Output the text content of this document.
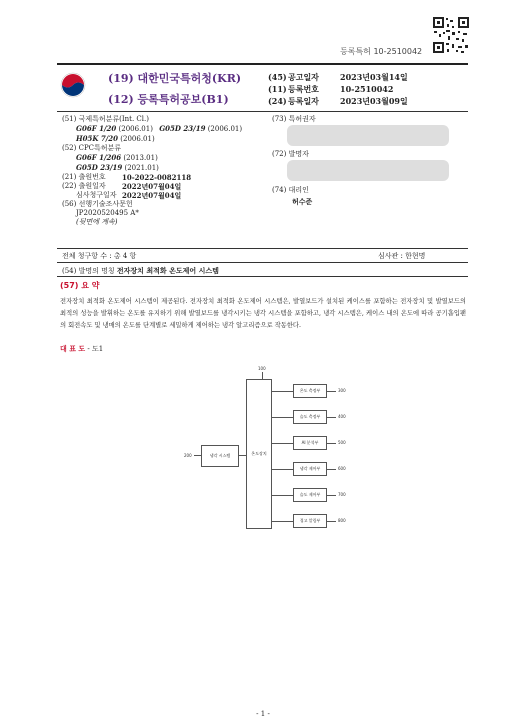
등록특허 10-2510042
(19) 대한민국특허청(KR)
(12) 등록특허공보(B1)
(45) 공고일자	2023년03월14일
(11) 등록번호	10-2510042
(24) 등록일자	2023년03월09일
(51) 국제특허분류(Int. Cl.)
G06F 1/20 (2006.01) G05D 23/19 (2006.01)
H05K 7/20 (2006.01)
(52) CPC특허분류
G06F 1/206 (2013.01)
G05D 23/19 (2021.01)
(21) 출원번호	10-2022-0082118
(22) 출원일자	2022년07월04일
심사청구일자 2022년07월04일
(56) 선행기술조사문헌
JP2020520495 A*
(뒷면에 계속)
(73) 특허권자
(72) 발명자
(74) 대리인
허수준
전체 청구항 수 : 총 4 항	심사관 : 한현명
(54) 발명의 명칭 전자장치 최적화 온도제어 시스템
(57) 요 약
전자장치 최적화 온도제어 시스템이 제공된다. 전자장치 최적화 온도제어 시스템은, 발열보드가 설치된 케이스를 포함하는 전자장치 및 발열보드의 최적의 성능을 발휘하는 온도를 유지하기 위해 발열보드를 냉각시키는 냉각 시스템을 포함하고, 냉각 시스템은, 케이스 내의 온도에 따라 공기흡입팬의 회전속도 및 냉매의 온도를 단계별로 세밀하게 제어하는 냉각 알고리즘으로 작동한다.
대 표 도 - 도1
100
온도장치
200	냉각 시스템
온도 측정부	300
습도 측정부	400
AI 분석부	500
냉각 제어부	600
습도 제어부	700
경고 알림부	800
- 1 -
